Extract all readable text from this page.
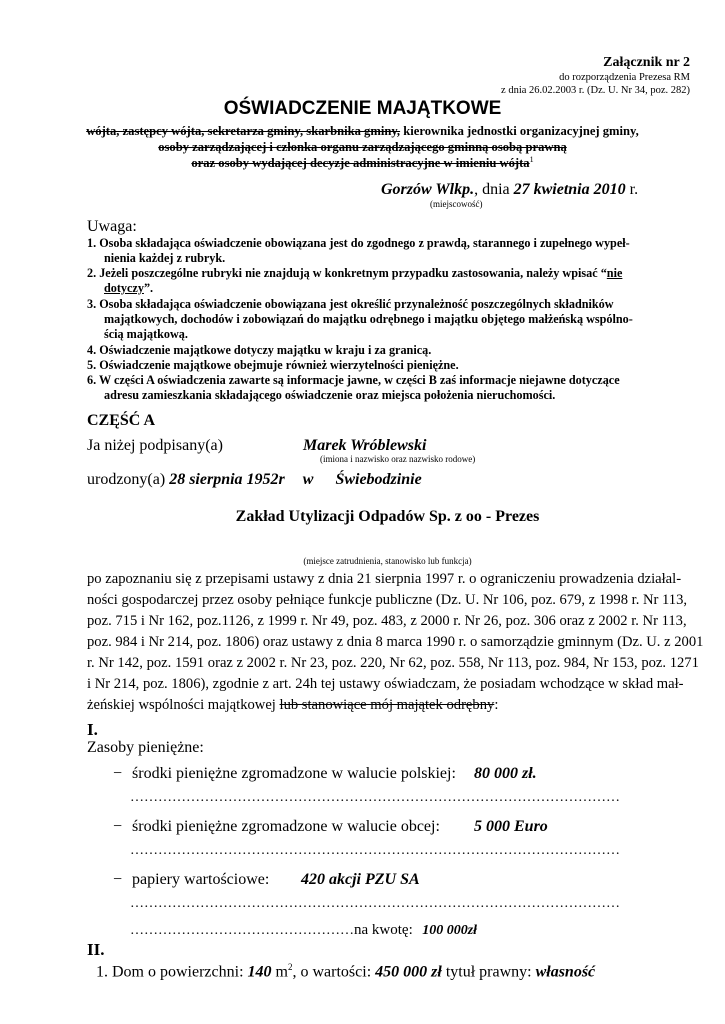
Załącznik nr 2
do rozporządzenia Prezesa RM
z dnia 26.02.2003 r. (Dz. U. Nr 34, poz. 282)
OŚWIADCZENIE MAJĄTKOWE
wójta, zastępcy wójta, sekretarza gminy, skarbnika gminy, kierownika jednostki organizacyjnej gminy,
osoby zarządzającej i członka organu zarządzającego gminną osobą prawną
oraz osoby wydającej decyzje administracyjne w imieniu wójta$^1$
Gorzów Wlkp., dnia 27 kwietnia 2010 r.
(miejscowość)
Uwaga:
1. Osoba składająca oświadczenie obowiązana jest do zgodnego z prawdą, starannego i zupełnego wypeł-
nienia każdej z rubryk.
2. Jeżeli poszczególne rubryki nie znajdują w konkretnym przypadku zastosowania, należy wpisać “nie
dotyczy”.
3. Osoba składająca oświadczenie obowiązana jest określić przynależność poszczególnych składników
majątkowych, dochodów i zobowiązań do majątku odrębnego i majątku objętego małżeńską wspólno-
ścią majątkową.
4. Oświadczenie majątkowe dotyczy majątku w kraju i za granicą.
5. Oświadczenie majątkowe obejmuje również wierzytelności pieniężne.
6. W części A oświadczenia zawarte są informacje jawne, w części B zaś informacje niejawne dotyczące
adresu zamieszkania składającego oświadczenie oraz miejsca położenia nieruchomości.
CZĘŚĆ A
Ja niżej podpisany(a)	Marek Wróblewski
(imiona i nazwisko oraz nazwisko rodowe)
urodzony(a) 28 sierpnia 1952r w Świebodzinie
Zakład Utylizacji Odpadów Sp. z oo - Prezes
(miejsce zatrudnienia, stanowisko lub funkcja)
po zapoznaniu się z przepisami ustawy z dnia 21 sierpnia 1997 r. o ograniczeniu prowadzenia działal-
ności gospodarczej przez osoby pełniące funkcje publiczne (Dz. U. Nr 106, poz. 679, z 1998 r. Nr 113,
poz. 715 i Nr 162, poz.1126, z 1999 r. Nr 49, poz. 483, z 2000 r. Nr 26, poz. 306 oraz z 2002 r. Nr 113,
poz. 984 i Nr 214, poz. 1806) oraz ustawy z dnia 8 marca 1990 r. o samorządzie gminnym (Dz. U. z 2001
r. Nr 142, poz. 1591 oraz z 2002 r. Nr 23, poz. 220, Nr 62, poz. 558, Nr 113, poz. 984, Nr 153, poz. 1271
i Nr 214, poz. 1806), zgodnie z art. 24h tej ustawy oświadczam, że posiadam wchodzące w skład mał-
żeńskiej wspólności majątkowej lub stanowiące mój majątek odrębny:
I.
Zasoby pieniężne:
− środki pieniężne zgromadzone w walucie polskiej: 80 000 zł.
……………………………………………………………………………………………
− środki pieniężne zgromadzone w walucie obcej: 5 000 Euro
……………………………………………………………………………………………
− papiery wartościowe: 420 akcji PZU SA
……………………………………………………………………………………………
…………………………………………na kwotę: 100 000zł
II.
1. Dom o powierzchni: 140 $m^2$, o wartości: 450 000 zł tytuł prawny: własność
